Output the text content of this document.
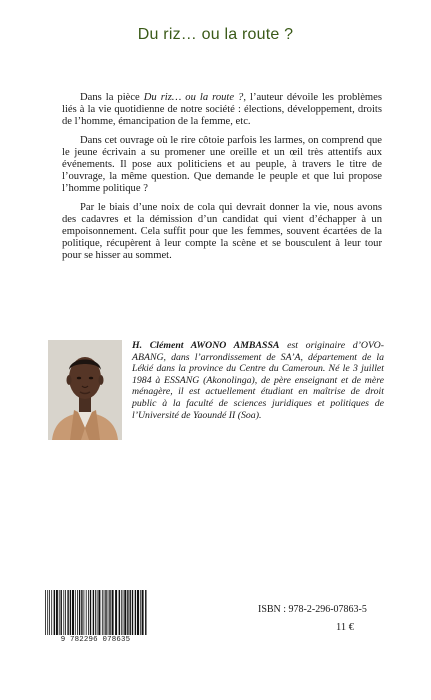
Du riz… ou la route ?

Dans la pièce Du riz… ou la route ?, l’auteur dévoile les problèmes liés à la vie quotidienne de notre société : élections, développement, droits de l’homme, émancipation de la femme, etc.

Dans cet ouvrage où le rire côtoie parfois les larmes, on comprend que le jeune écrivain a su promener une oreille et un œil très attentifs aux événements. Il pose aux politiciens et au peuple, à travers le titre de l’ouvrage, la même question. Que demande le peuple et que lui propose l’homme politique ?

Par le biais d’une noix de cola qui devrait donner la vie, nous avons des cadavres et la démission d’un candidat qui vient d’échapper à un empoisonnement. Cela suffit pour que les femmes, souvent écartées de la politique, récupèrent à leur compte la scène et se bousculent à leur tour pour se hisser au sommet.

H. Clément AWONO AMBASSA est originaire d’OVO-ABANG, dans l’arrondissement de SA’A, département de la Lékié dans la province du Centre du Cameroun. Né le 3 juillet 1984 à ESSANG (Akonolinga), de père enseignant et de mère ménagère, il est actuellement étudiant en maîtrise de droit public à la faculté de sciences juridiques et politiques de l’Université de Yaoundé II (Soa).
9 782296 078635
ISBN : 978-2-296-07863-5
11 €
